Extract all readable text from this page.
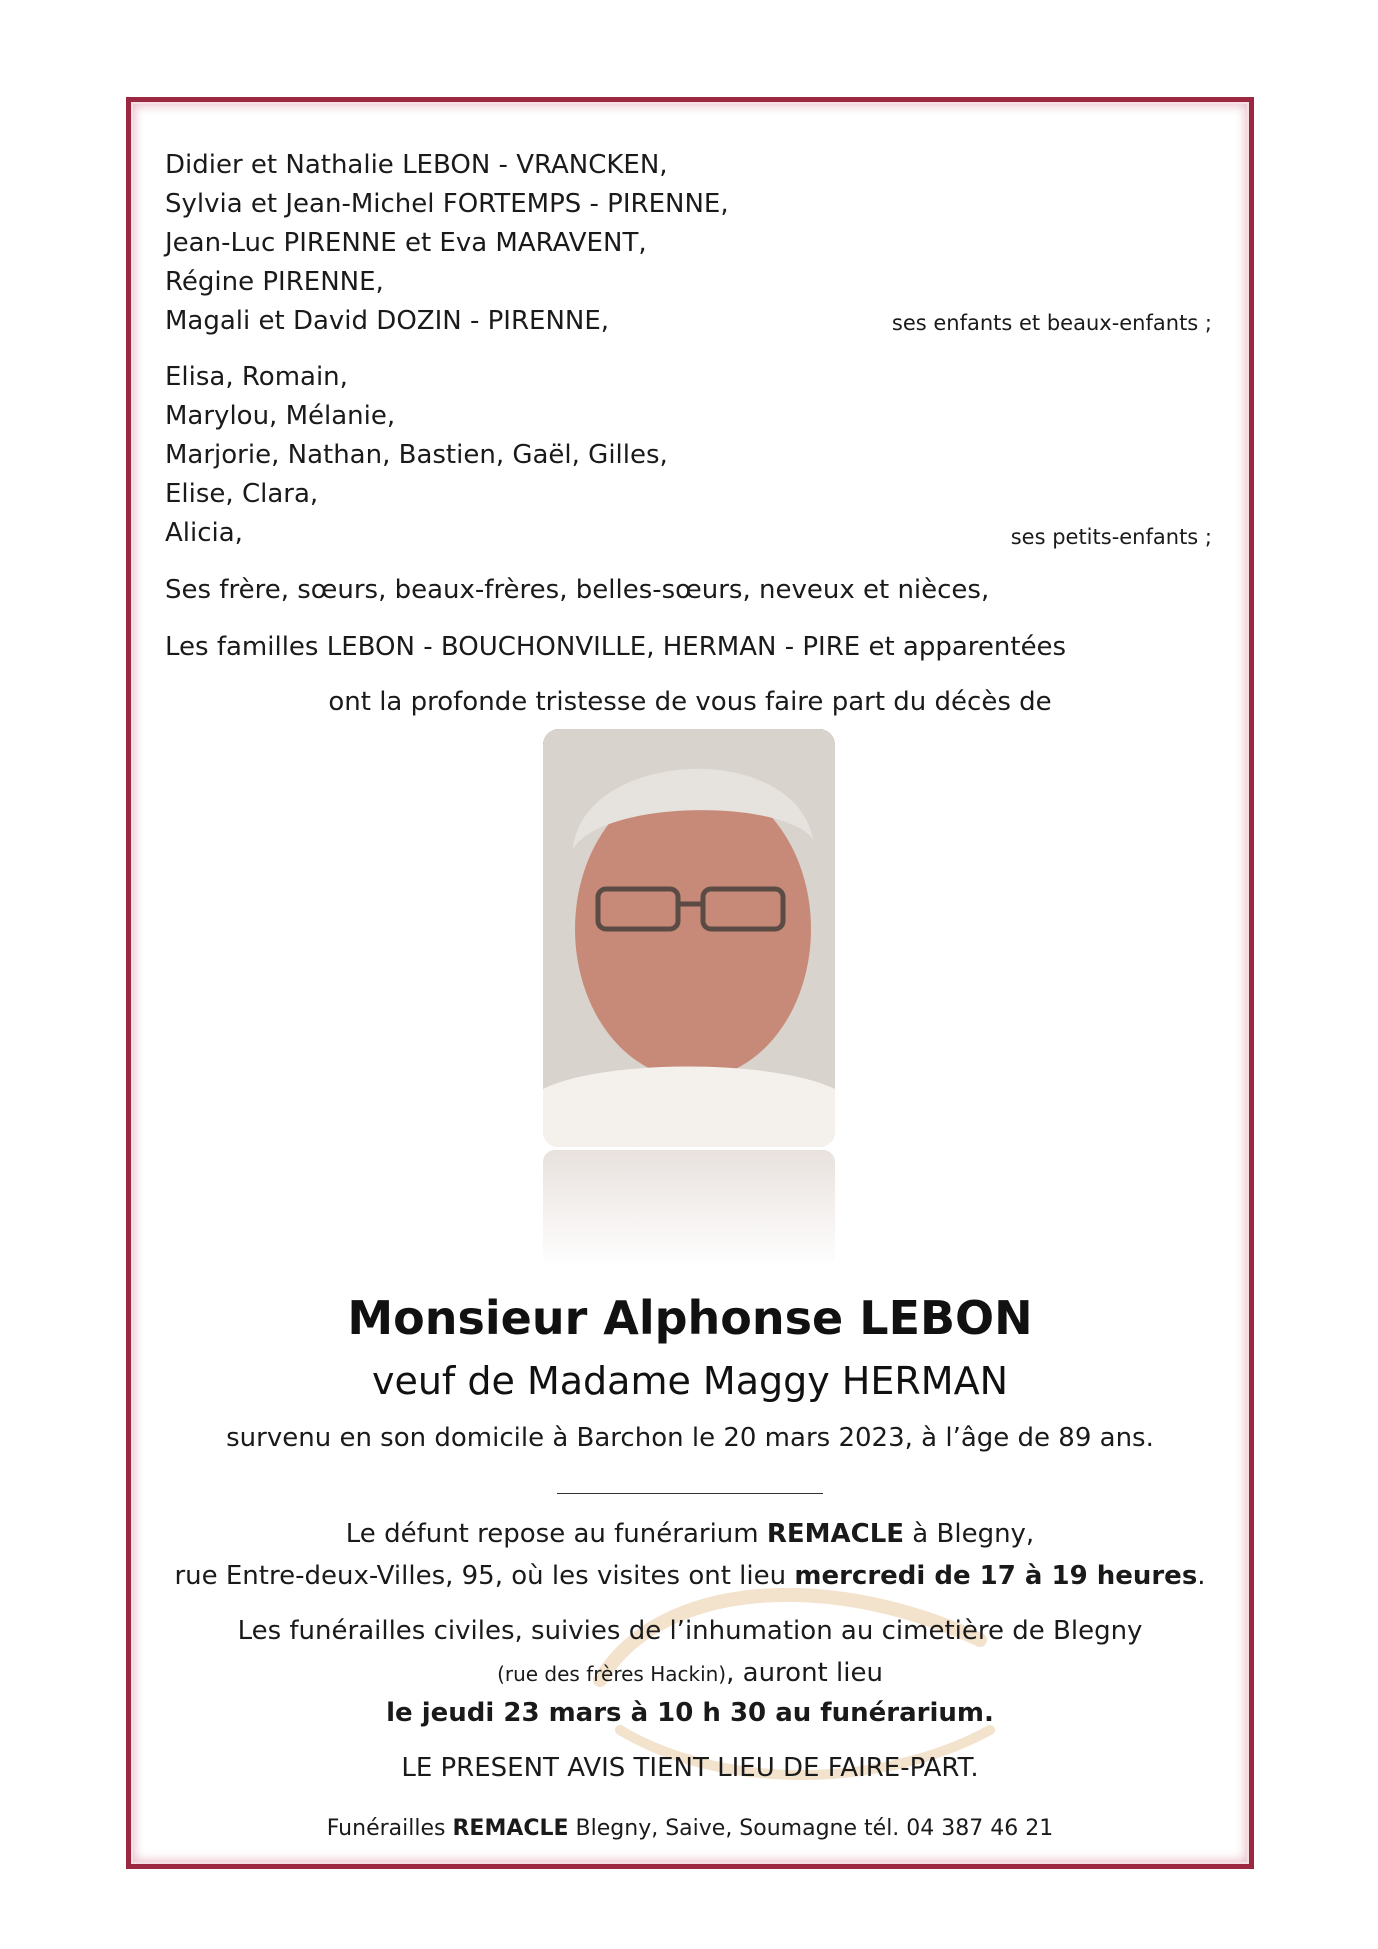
Didier et Nathalie LEBON - VRANCKEN,
Sylvia et Jean-Michel FORTEMPS - PIRENNE,
Jean-Luc PIRENNE et Eva MARAVENT,
Régine PIRENNE,
Magali et David DOZIN - PIRENNE,	ses enfants et beaux-enfants ;
Elisa, Romain,
Marylou, Mélanie,
Marjorie, Nathan, Bastien, Gaël, Gilles,
Elise, Clara,
Alicia,	ses petits-enfants ;
Ses frère, sœurs, beaux-frères, belles-sœurs, neveux et nièces,
Les familles LEBON - BOUCHONVILLE, HERMAN - PIRE et apparentées
ont la profonde tristesse de vous faire part du décès de
Monsieur Alphonse LEBON
veuf de Madame Maggy HERMAN
survenu en son domicile à Barchon le 20 mars 2023, à l’âge de 89 ans.
Le défunt repose au funérarium REMACLE à Blegny,
rue Entre-deux-Villes, 95, où les visites ont lieu mercredi de 17 à 19 heures.
Les funérailles civiles, suivies de l’inhumation au cimetière de Blegny
(rue des frères Hackin), auront lieu
le jeudi 23 mars à 10 h 30 au funérarium.
LE PRESENT AVIS TIENT LIEU DE FAIRE-PART.
Funérailles REMACLE Blegny, Saive, Soumagne tél. 04 387 46 21
